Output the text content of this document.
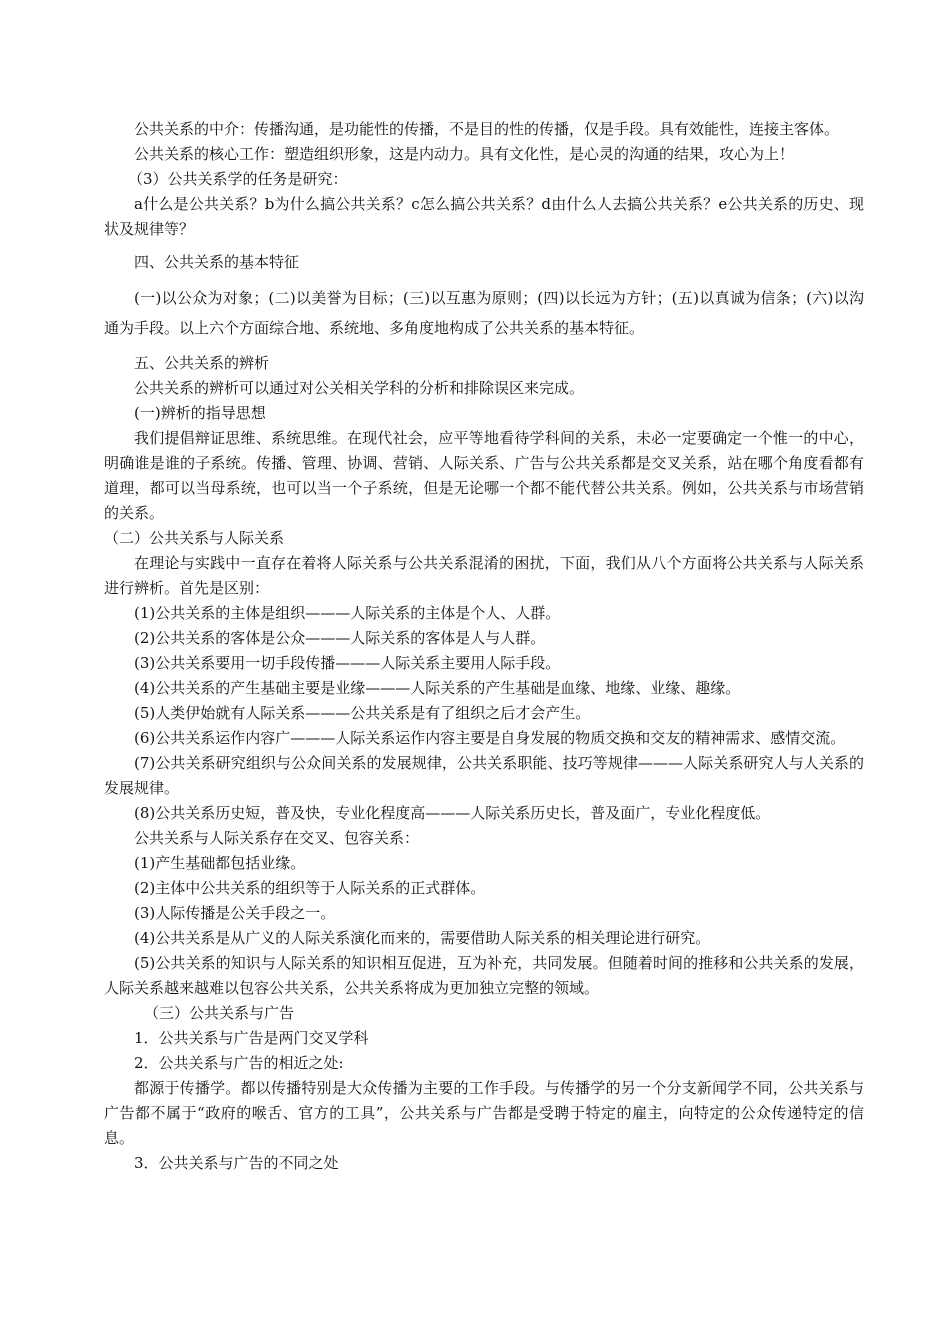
公共关系的中介：传播沟通，是功能性的传播，不是目的性的传播，仅是手段。具有效能性，连接主客体。

公共关系的核心工作：塑造组织形象，这是内动力。具有文化性，是心灵的沟通的结果，攻心为上！

（3）公共关系学的任务是研究：

a什么是公共关系？b为什么搞公共关系？c怎么搞公共关系？d由什么人去搞公共关系？e公共关系的历史、现状及规律等？

四、公共关系的基本特征

(一)以公众为对象；(二)以美誉为目标；(三)以互惠为原则；(四)以长远为方针；(五)以真诚为信条；(六)以沟通为手段。以上六个方面综合地、系统地、多角度地构成了公共关系的基本特征。

五、公共关系的辨析

公共关系的辨析可以通过对公关相关学科的分析和排除误区来完成。

(一)辨析的指导思想

我们提倡辩证思维、系统思维。在现代社会，应平等地看待学科间的关系，未必一定要确定一个惟一的中心，明确谁是谁的子系统。传播、管理、协调、营销、人际关系、广告与公共关系都是交叉关系，站在哪个角度看都有道理，都可以当母系统，也可以当一个子系统，但是无论哪一个都不能代替公共关系。例如，公共关系与市场营销的关系。

（二）公共关系与人际关系

在理论与实践中一直存在着将人际关系与公共关系混淆的困扰，下面，我们从八个方面将公共关系与人际关系进行辨析。首先是区别：

(1)公共关系的主体是组织———人际关系的主体是个人、人群。

(2)公共关系的客体是公众———人际关系的客体是人与人群。

(3)公共关系要用一切手段传播———人际关系主要用人际手段。

(4)公共关系的产生基础主要是业缘———人际关系的产生基础是血缘、地缘、业缘、趣缘。

(5)人类伊始就有人际关系———公共关系是有了组织之后才会产生。

(6)公共关系运作内容广———人际关系运作内容主要是自身发展的物质交换和交友的精神需求、感情交流。

(7)公共关系研究组织与公众间关系的发展规律，公共关系职能、技巧等规律———人际关系研究人与人关系的发展规律。

(8)公共关系历史短，普及快，专业化程度高———人际关系历史长，普及面广，专业化程度低。

公共关系与人际关系存在交叉、包容关系：

(1)产生基础都包括业缘。

(2)主体中公共关系的组织等于人际关系的正式群体。

(3)人际传播是公关手段之一。

(4)公共关系是从广义的人际关系演化而来的，需要借助人际关系的相关理论进行研究。

(5)公共关系的知识与人际关系的知识相互促进，互为补充，共同发展。但随着时间的推移和公共关系的发展，人际关系越来越难以包容公共关系，公共关系将成为更加独立完整的领域。

（三）公共关系与广告

1．公共关系与广告是两门交叉学科

2．公共关系与广告的相近之处:

都源于传播学。都以传播特别是大众传播为主要的工作手段。与传播学的另一个分支新闻学不同，公共关系与广告都不属于“政府的喉舌、官方的工具”，公共关系与广告都是受聘于特定的雇主，向特定的公众传递特定的信息。

3．公共关系与广告的不同之处
